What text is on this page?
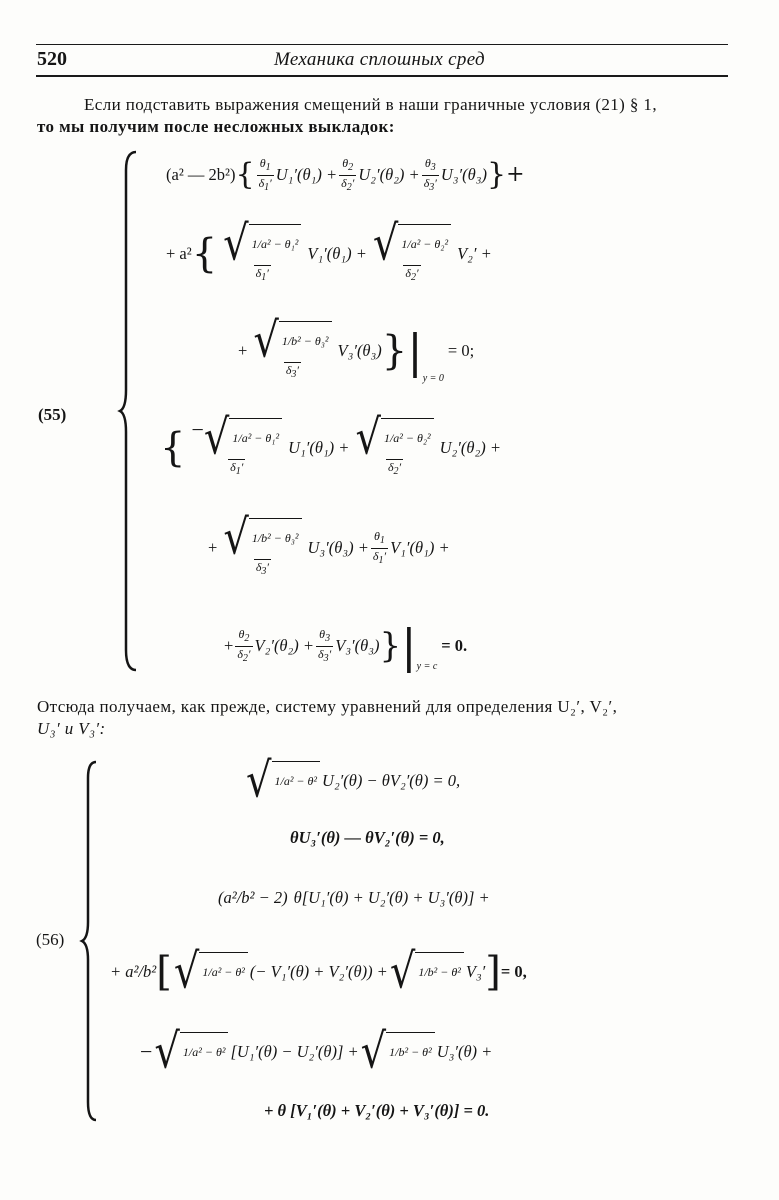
520	Механика сплошных сред
Если подставить выражения смещений в наши граничные условия (21) § 1,
то мы получим после несложных выкладок:
(55)
(a² — 2b²) { $\frac{\theta_1}{\delta_1'} U_1'(\theta_1) + \frac{\theta_2}{\delta_2'} U_2'(\theta_2) + \frac{\theta_3}{\delta_3'} U_3'(\theta_3)$ } +
+ a² { $\frac{\text{√ 1/a² − θ₁²}}{\delta_1'} V_1'(\theta_1) + \frac{\text{√ 1/a² − θ₂²}}{\delta_2'} V_2'$ +
+ $\frac{\text{√ 1/b² − θ₃²}}{\delta_3'} V_3'(\theta_3)$ } |
y = 0
= 0;
{ $\frac{\text{− √ 1/a² − θ₁²}}{\delta_1'} U_1'(\theta_1) + \frac{\text{√ 1/a² − θ₂²}}{\delta_2'} U_2'(\theta_2)$ +
+ $\frac{\text{√ 1/b² − θ₃²}}{\delta_3'} U_3'(\theta_3) + \frac{\theta_1}{\delta_1'} V_1'(\theta_1)$ +
+ $\frac{\theta_2}{\delta_2'} V_2'(\theta_2) + \frac{\theta_3}{\delta_3'} V_3'(\theta_3)$ } | y = c
= 0.
Отсюда получаем, как прежде, систему уравнений для определения U₂′, V₂′,
U₃′ и V₃′:
(56)
√ 1/a² − θ² U₂′(θ) − θV₂′(θ) = 0,
θU₃′(θ) — θV₂′(θ) = 0,
(a²/b² − 2) θ[U₁′(θ) + U₂′(θ) + U₃′(θ)] +
+ a²/b² [ √ 1/a² − θ² (− V₁′(θ) + V₂′(θ)) + √ 1/b² − θ² V₃′ ] = 0,
− √ 1/a² − θ² [U₁′(θ) − U₂′(θ)] + √ 1/b² − θ² U₃′(θ) +
+ θ [V₁′(θ) + V₂′(θ) + V₃′(θ)] = 0.
